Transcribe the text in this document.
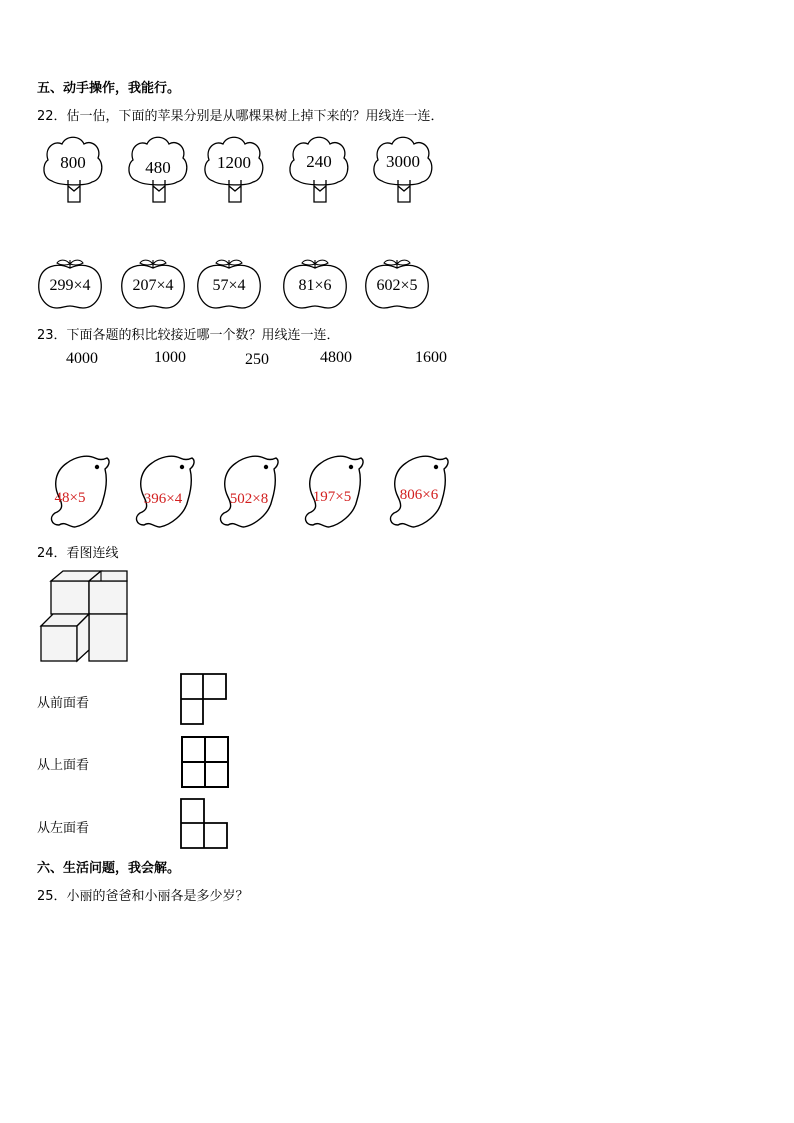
五、动手操作，我能行。
22．估一估，下面的苹果分别是从哪棵果树上掉下来的？用线连一连．
800	480	1200	240	3000
299×4	207×4	57×4	81×6	602×5
23．下面各题的积比较接近哪一个数？用线连一连．
4000	1000	250	4800	1600
48×5	396×4	502×8	197×5	806×6
24．看图连线
从前面看
从上面看
从左面看
六、生活问题，我会解。
25．小丽的爸爸和小丽各是多少岁？
